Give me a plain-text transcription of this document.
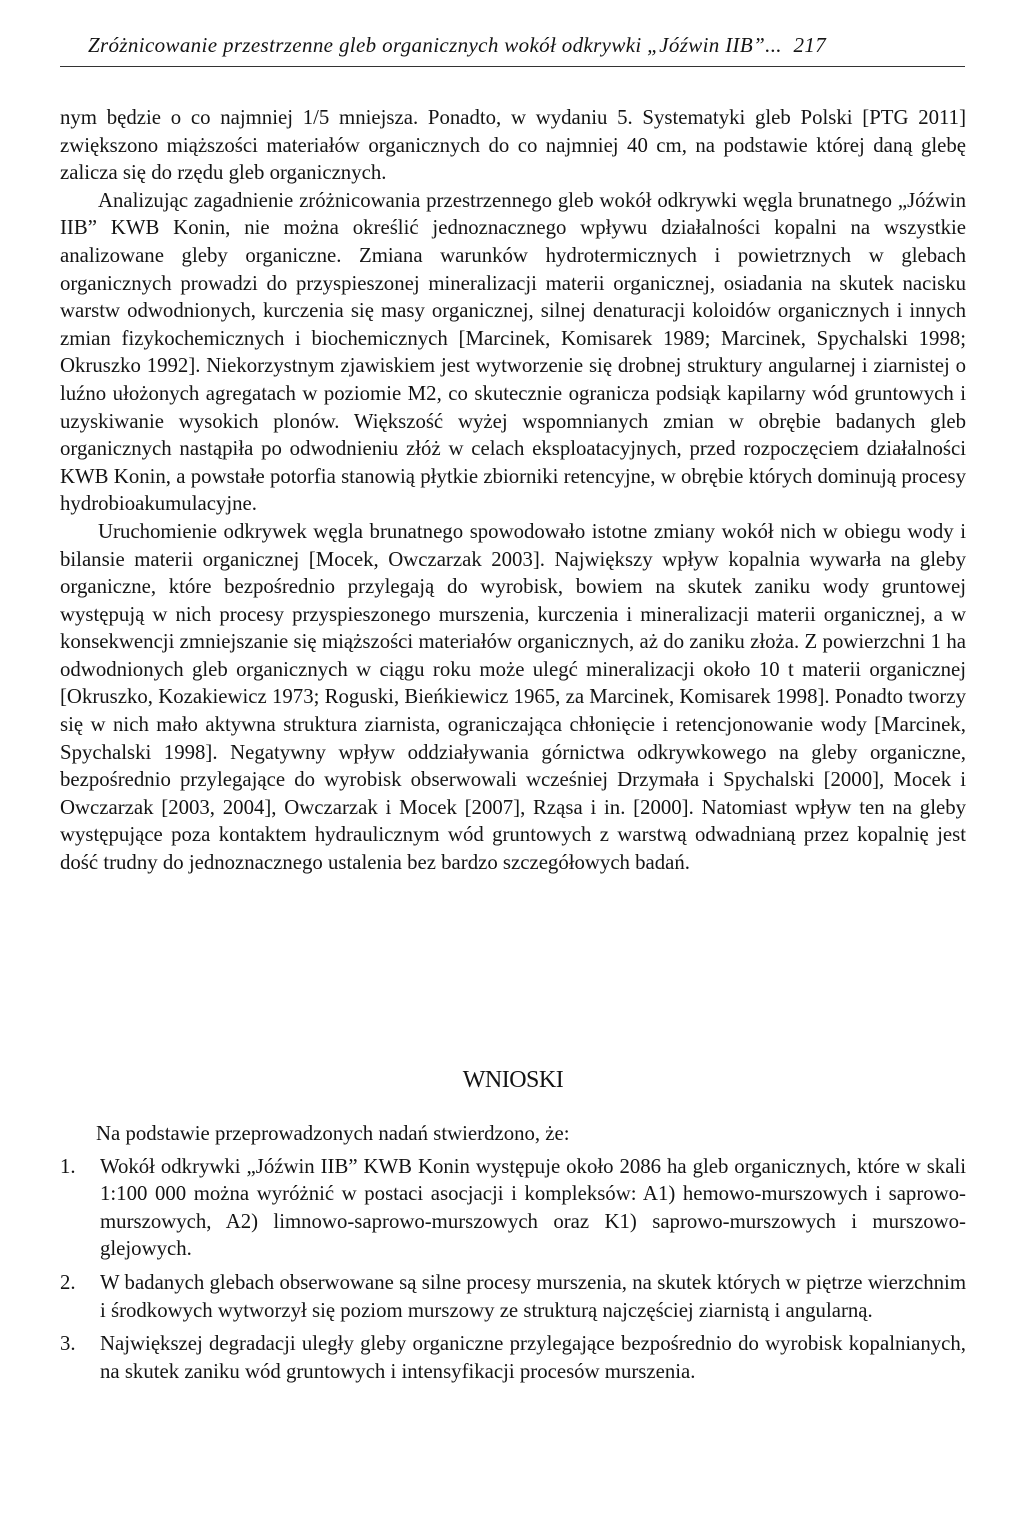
Zróżnicowanie przestrzenne gleb organicznych wokół odkrywki „Jóźwin IIB”... 217

nym będzie o co najmniej 1/5 mniejsza. Ponadto, w wydaniu 5. Systematyki gleb Polski [PTG 2011] zwiększono miąższości materiałów organicznych do co najmniej 40 cm, na podstawie której daną glebę zalicza się do rzędu gleb organicznych.

Analizując zagadnienie zróżnicowania przestrzennego gleb wokół odkrywki węgla brunatnego „Jóźwin IIB” KWB Konin, nie można określić jednoznacznego wpływu działalności kopalni na wszystkie analizowane gleby organiczne. Zmiana warunków hydrotermicznych i powietrznych w glebach organicznych prowadzi do przyspieszonej mineralizacji materii organicznej, osiadania na skutek nacisku warstw odwodnionych, kurczenia się masy organicznej, silnej denaturacji koloidów organicznych i innych zmian fizykochemicznych i biochemicznych [Marcinek, Komisarek 1989; Marcinek, Spychalski 1998; Okruszko 1992]. Niekorzystnym zjawiskiem jest wytworzenie się drobnej struktury angularnej i ziarnistej o luźno ułożonych agregatach w poziomie M2, co skutecznie ogranicza podsiąk kapilarny wód gruntowych i uzyskiwanie wysokich plonów. Większość wyżej wspomnianych zmian w obrębie badanych gleb organicznych nastąpiła po odwodnieniu złóż w celach eksploatacyjnych, przed rozpoczęciem działalności KWB Konin, a powstałe potorfia stanowią płytkie zbiorniki retencyjne, w obrębie których dominują procesy hydrobioakumulacyjne.

Uruchomienie odkrywek węgla brunatnego spowodowało istotne zmiany wokół nich w obiegu wody i bilansie materii organicznej [Mocek, Owczarzak 2003]. Największy wpływ kopalnia wywarła na gleby organiczne, które bezpośrednio przylegają do wyrobisk, bowiem na skutek zaniku wody gruntowej występują w nich procesy przyspieszonego murszenia, kurczenia i mineralizacji materii organicznej, a w konsekwencji zmniejszanie się miąższości materiałów organicznych, aż do zaniku złoża. Z powierzchni 1 ha odwodnionych gleb organicznych w ciągu roku może ulegć mineralizacji około 10 t materii organicznej [Okruszko, Kozakiewicz 1973; Roguski, Bieńkiewicz 1965, za Marcinek, Komisarek 1998]. Ponadto tworzy się w nich mało aktywna struktura ziarnista, ograniczająca chłonięcie i retencjonowanie wody [Marcinek, Spychalski 1998]. Negatywny wpływ oddziaływania górnictwa odkrywkowego na gleby organiczne, bezpośrednio przylegające do wyrobisk obserwowali wcześniej Drzymała i Spychalski [2000], Mocek i Owczarzak [2003, 2004], Owczarzak i Mocek [2007], Rząsa i in. [2000]. Natomiast wpływ ten na gleby występujące poza kontaktem hydraulicznym wód gruntowych z warstwą odwadnianą przez kopalnię jest dość trudny do jednoznacznego ustalenia bez bardzo szczegółowych badań.

WNIOSKI

Na podstawie przeprowadzonych nadań stwierdzono, że:

1. Wokół odkrywki „Jóźwin IIB” KWB Konin występuje około 2086 ha gleb organicznych, które w skali 1:100 000 można wyróżnić w postaci asocjacji i kompleksów: A1) hemowo-murszowych i saprowo-murszowych, A2) limnowo-saprowo-murszowych oraz K1) saprowo-murszowych i murszowo-glejowych.
2. W badanych glebach obserwowane są silne procesy murszenia, na skutek których w piętrze wierzchnim i środkowych wytworzył się poziom murszowy ze strukturą najczęściej ziarnistą i angularną.
3. Największej degradacji uległy gleby organiczne przylegające bezpośrednio do wyrobisk kopalnianych, na skutek zaniku wód gruntowych i intensyfikacji procesów murszenia.
